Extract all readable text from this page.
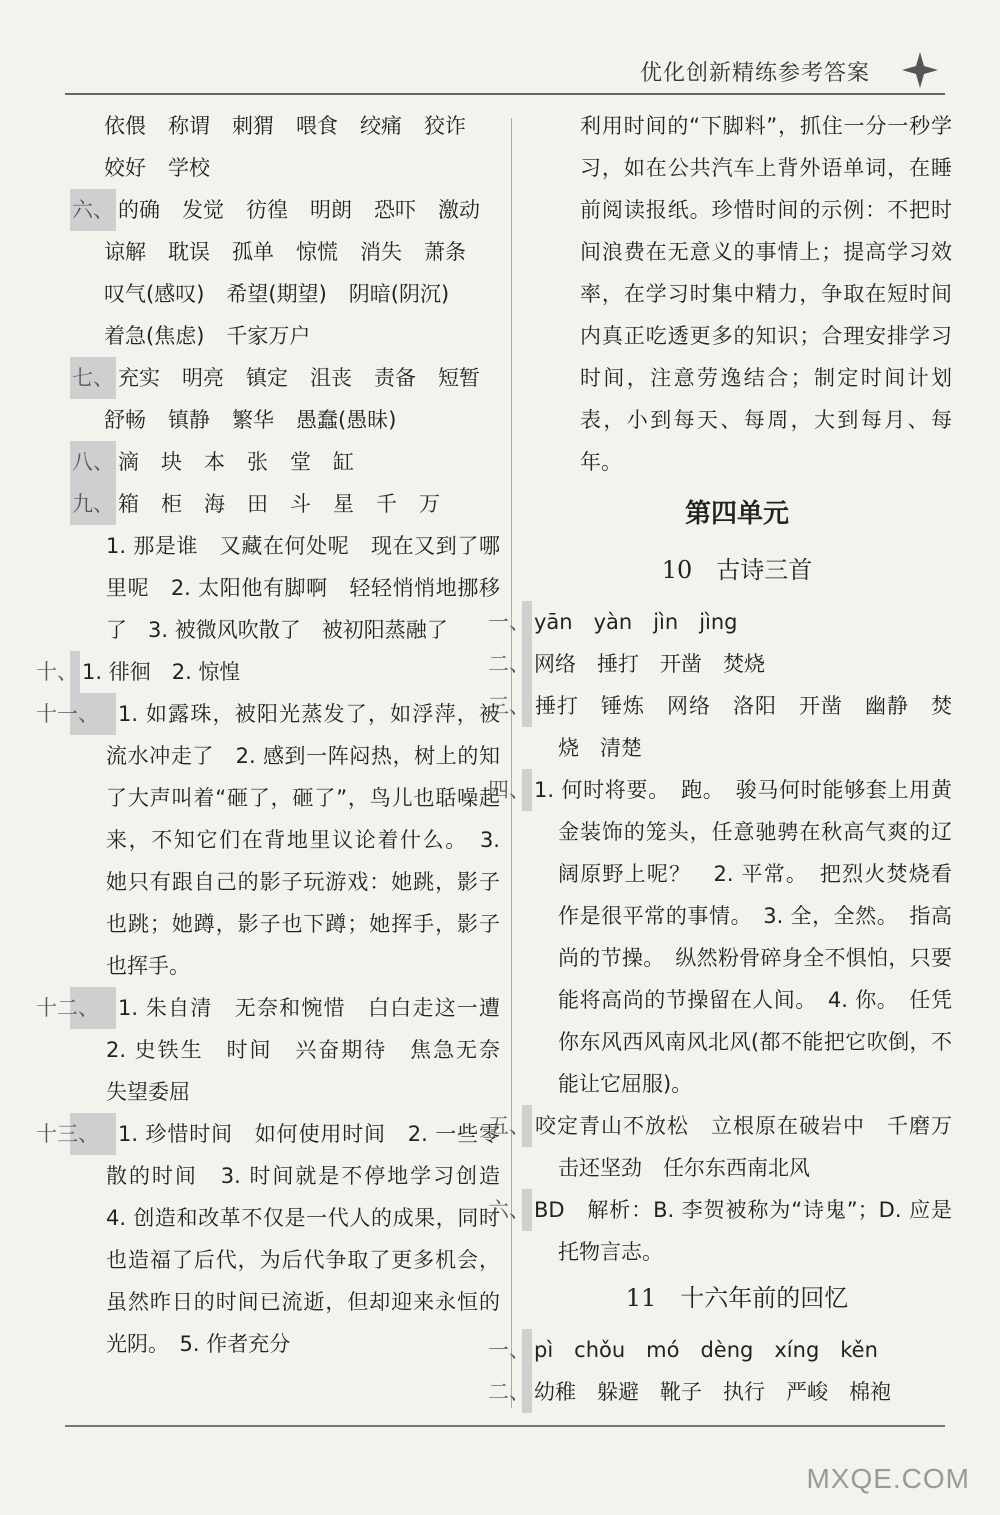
优化创新精练参考答案
依偎 称谓 刺猬 喂食 绞痛 狡诈
姣好 学校
六、 的确 发觉 彷徨 明朗 恐吓 激动
谅解 耽误 孤单 惊慌 消失 萧条
叹气(感叹) 希望(期望) 阴暗(阴沉)
着急(焦虑) 千家万户
七、 充实 明亮 镇定 沮丧 责备 短暂
舒畅 镇静 繁华 愚蠢(愚昧)
八、 滴 块 本 张 堂 缸
九、 箱 柜 海 田 斗 星 千 万
1. 那是谁　又藏在何处呢　现在又到了哪里呢　2. 太阳他有脚啊　轻轻悄悄地挪移了　3. 被微风吹散了　被初阳蒸融了
十、 1. 徘徊　2. 惊惶
十一、 1. 如露珠，被阳光蒸发了，如浮萍，被流水冲走了　2. 感到一阵闷热，树上的知了大声叫着“砸了，砸了”，鸟儿也聒噪起来，不知它们在背地里议论着什么。　3. 她只有跟自己的影子玩游戏：她跳，影子也跳；她蹲，影子也下蹲；她挥手，影子也挥手。
十二、 1. 朱自清　无奈和惋惜　白白走这一遭　2. 史铁生　时间　兴奋期待　焦急无奈　失望委屈
十三、 1. 珍惜时间　如何使用时间　2. 一些零散的时间　3. 时间就是不停地学习创造　4. 创造和改革不仅是一代人的成果，同时也造福了后代，为后代争取了更多机会，虽然昨日的时间已流逝，但却迎来永恒的光阴。　5. 作者充分
利用时间的“下脚料”，抓住一分一秒学习，如在公共汽车上背外语单词，在睡前阅读报纸。珍惜时间的示例：不把时间浪费在无意义的事情上；提高学习效率，在学习时集中精力，争取在短时间内真正吃透更多的知识；合理安排学习时间，注意劳逸结合；制定时间计划表，小到每天、每周，大到每月、每年。
第四单元
10　古诗三首
一、 yān　yàn　jìn　jìng
二、 网络　捶打　开凿　焚烧
三、 捶打　锤炼　网络　洛阳　开凿　幽静　焚烧　清楚
四、 1. 何时将要。　跑。　骏马何时能够套上用黄金装饰的笼头，任意驰骋在秋高气爽的辽阔原野上呢？　2. 平常。　把烈火焚烧看作是很平常的事情。　3. 全，全然。　指高尚的节操。　纵然粉骨碎身全不惧怕，只要能将高尚的节操留在人间。　4. 你。　任凭你东风西风南风北风(都不能把它吹倒，不能让它屈服)。
五、 咬定青山不放松　立根原在破岩中　千磨万击还坚劲　任尔东西南北风
六、 BD　解析：B. 李贺被称为“诗鬼”；D. 应是托物言志。
11　十六年前的回忆
一、 pì　chǒu　mó　dèng　xíng　kěn
二、 幼稚　躲避　靴子　执行　严峻　棉袍
MXQE.COM
